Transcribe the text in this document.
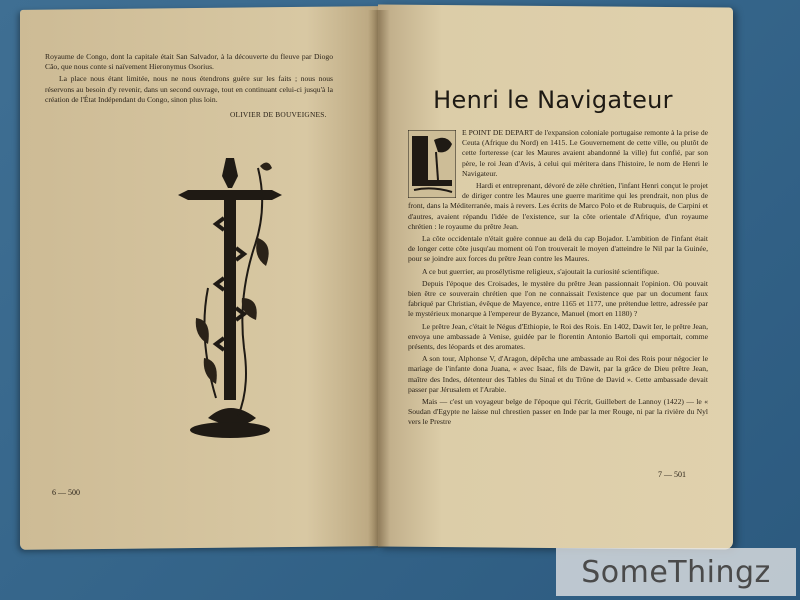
Royaume de Congo, dont la capitale était San Salvador, à la découverte du fleuve par Diogo Cão, que nous conte si naïvement Hieronymus Osorius.

La place nous étant limitée, nous ne nous étendrons guère sur les faits ; nous nous réservons au besoin d'y revenir, dans un second ouvrage, tout en continuant celui-ci jusqu'à la création de l'État Indépendant du Congo, sinon plus loin.

OLIVIER DE BOUVEIGNES.
6 — 500
Henri le Navigateur

E POINT DE DEPART de l'expansion coloniale portugaise remonte à la prise de Ceuta (Afrique du Nord) en 1415. Le Gouvernement de cette ville, ou plutôt de cette forteresse (car les Maures avaient abandonné la ville) fut confié, par son père, le roi Jean d'Avis, à celui qui méritera dans l'histoire, le nom de Henri le Navigateur.

Hardi et entreprenant, dévoré de zèle chrétien, l'infant Henri conçut le projet de diriger contre les Maures une guerre maritime qui les prendrait, non plus de front, dans la Méditerranée, mais à revers. Les écrits de Marco Polo et de Rubruquis, de Carpini et d'autres, avaient répandu l'idée de l'existence, sur la côte orientale d'Afrique, d'un royaume chrétien : le royaume du prêtre Jean.

La côte occidentale n'était guère connue au delà du cap Bojador. L'ambition de l'infant était de longer cette côte jusqu'au moment où l'on trouverait le moyen d'atteindre le Nil par la Guinée, pour se joindre aux forces du prêtre Jean contre les Maures.

A ce but guerrier, au prosélytisme religieux, s'ajoutait la curiosité scientifique.

Depuis l'époque des Croisades, le mystère du prêtre Jean passionnait l'opinion. Où pouvait bien être ce souverain chrétien que l'on ne connaissait l'existence que par un document faux fabriqué par Christian, évêque de Mayence, entre 1165 et 1177, une prétendue lettre, adressée par le mystérieux monarque à l'empereur de Byzance, Manuel (mort en 1180) ?

Le prêtre Jean, c'était le Négus d'Ethiopie, le Roi des Rois. En 1402, Dawit Ier, le prêtre Jean, envoya une ambassade à Venise, guidée par le florentin Antonio Bartoli qui emportait, comme présents, des léopards et des aromates.

A son tour, Alphonse V, d'Aragon, dépêcha une ambassade au Roi des Rois pour négocier le mariage de l'infante dona Juana, « avec Isaac, fils de Dawit, par la grâce de Dieu prêtre Jean, maître des Indes, détenteur des Tables du Sinaï et du Trône de David ». Cette ambassade devait passer par Jérusalem et l'Arabie.

Mais — c'est un voyageur belge de l'époque qui l'écrit, Guillebert de Lannoy (1422) — le « Soudan d'Egypte ne laisse nul chrestien passer en Inde par la mer Rouge, ni par la rivière du Nyl vers le Prestre

7 — 501
SomeThingz
